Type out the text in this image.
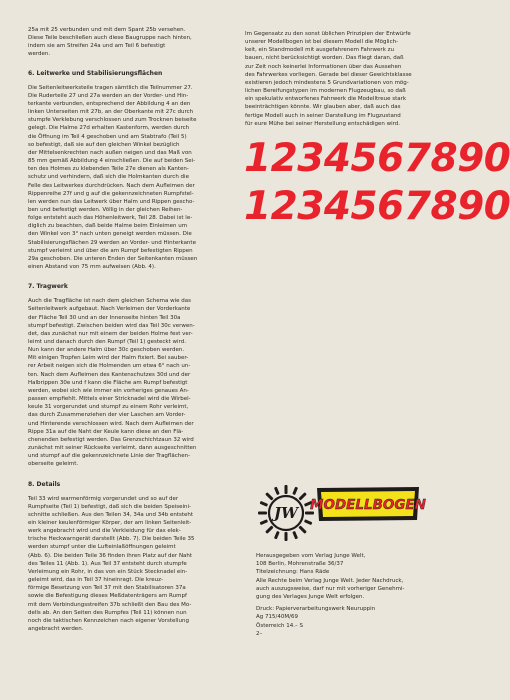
25a mit 25 verbunden und mit dem Spant 25b versehen.

Diese Teile beschließen auch diese Baugruppe nach hinten,

indem sie am Streifen 24a und am Teil 6 befestigt

werden.

6. Leitwerke und Stabilisierungsflächen

Die Seitenleitwerksteile tragen sämtlich die Teilnummer 27.

Die Ruderteile 27 und 27a werden an der Vorder- und Hin-

terkante verbunden, entsprechend der Abbildung 4 an den

linken Unterseiten mit 27b, an der Oberkante mit 27c durch

stumpfe Verklebung verschlossen und zum Trocknen beiseite

gelegt. Die Halme 27d erhalten Kastenform, werden durch

die Öffnung im Teil 4 geschoben und am Stabtrafo (Teil 5)

so befestigt, daß sie auf den gleichen Winkel bezüglich

der Mittelsenkrechten nach außen neigen und das Maß von

85 mm gemäß Abbildung 4 einschließen. Die auf beiden Sei-

ten des Holmes zu klebenden Teile 27e dienen als Kanten-

schutz und verhindern, daß sich die Holmkanten durch die

Felle des Leitwerkes durchdrücken. Nach dem Aufleimen der

Rippenreihe 27f und g auf die gekennzeichneten Rumpfstel-

len werden nun das Leitwerk über Halm und Rippen gescho-

ben und befestigt werden. Völlig in der gleichen Reihen-

folge entsteht auch das Höhenleitwerk, Teil 28. Dabei ist le-

diglich zu beachten, daß beide Halme beim Einleimen um

den Winkel von 3° nach unten geneigt werden müssen. Die

Stabilisierungsflächen 29 werden an Vorder- und Hinterkante

stumpf verleimt und über die am Rumpf befestigten Rippen

29a geschoben. Die unteren Enden der Seitenkanten müssen

einen Abstand von 75 mm aufweisen (Abb. 4).

7. Tragwerk

Auch die Tragfläche ist nach dem gleichen Schema wie das

Seitenleitwerk aufgebaut. Nach Verleimen der Vorderkante

der Fläche Teil 30 und an der Innenseite hinten Teil 30a

stumpf befestigt. Zwischen beiden wird das Teil 30c verwen-

det, das zunächst nur mit einem der beiden Holme fest ver-

leimt und danach durch den Rumpf (Teil 1) gesteckt wird.

Nun kann der andere Halm über 30c geschoben werden.

Mit einigen Tropfen Leim wird der Halm fixiert. Bei sauber-

rer Arbeit neigen sich die Holmenden um etwa 6° nach un-

ten. Nach dem Aufleimen des Kantenschutzes 30d und der

Halbrippen 30e und f kann die Fläche am Rumpf befestigt

werden, wobei sich wie immer ein vorheriges genaues An-

passen empfiehlt. Mittels einer Stricknadel wird die Wirbel-

keule 31 vorgerundet und stumpf zu einem Rohr verleimt,

das durch Zusammenziehen der vier Laschen am Vorder-

und Hinterende verschlossen wird. Nach dem Aufleimen der

Rippe 31a auf die Naht der Keule kann diese an den Flä-

chenenden befestigt werden. Das Grenzschichtzaun 32 wird

zunächst mit seiner Rückseite verleimt, dann ausgeschnitten

und stumpf auf die gekennzeichnete Linie der Tragflächen-

oberseite geleimt.

8. Details

Teil 33 wird warmenförmig vorgerundet und so auf der

Rumpfseite (Teil 1) befestigt, daß sich die beiden Speiseini-

schnitte schließen. Aus den Teilen 34, 34a und 34b entsteht

ein kleiner keulenförmiger Körper, der am linken Seitenleit-

werk angebracht wird und die Verkleidung für das elek-

trische Heckwarngerät darstellt (Abb. 7). Die beiden Teile 35

werden stumpf unter die Lufteinlaßöffnungen geleimt

(Abb. 6). Die beiden Teile 36 finden ihren Platz auf der Naht

des Teiles 11 (Abb. 1). Aus Teil 37 entsteht durch stumpfe

Verleimung ein Rohr, in das von ein Stück Stecknadel ein-

geleimt wird, das in Teil 37 hineinragt. Die kreuz-

förmige Besetzung von Teil 37 mit den Stabilisatoren 37a

sowie die Befestigung dieses Meßdatenträgers am Rumpf

mit dem Verbindungsstreifen 37b schließt den Bau des Mo-

dells ab. An den Seiten des Rumpfes (Teil 11) können nun

noch die taktischen Kennzeichen nach eigener Vorstellung

angebracht werden.

Im Gegensatz zu den sonst üblichen Prinzipien der Entwürfe

unserer Modellbogen ist bei diesem Modell die Möglich-

keit, ein Standmodell mit ausgefahrenem Fahrwerk zu

bauen, nicht berücksichtigt worden. Das fliegt daran, daß

zur Zeit noch keinerlei Informationen über das Aussehen

des Fahrwerkes vorliegen. Gerade bei dieser Gewichtsklasse

existieren jedoch mindestens 5 Grundvariationen von mög-

lichen Bereifungstypen im modernen Flugzeugbau, so daß

ein spekulativ entworfenes Fahrwerk die Modelltreue stark

beeinträchtigen könnte. Wir glauben aber, daß auch das

fertige Modell auch in seiner Darstellung im Flugzustand

für eure Mühe bei seiner Herstellung entschädigen wird.

1234567890
1234567890
JW MODELLBOGEN

Herausgegeben vom Verlag Junge Welt,

108 Berlin, Mohrenstraße 36/37

Titelzeichnung: Hans Räde

Alle Rechte beim Verlag Junge Welt. Jeder Nachdruck,

auch auszugsweise, darf nur mit vorheriger Genehmi-

gung des Verlages Junge Welt erfolgen.

Druck: Papierverarbeitungswerk Neuruppin

Ag 715/40M/69

Österreich 14.– S

2–
